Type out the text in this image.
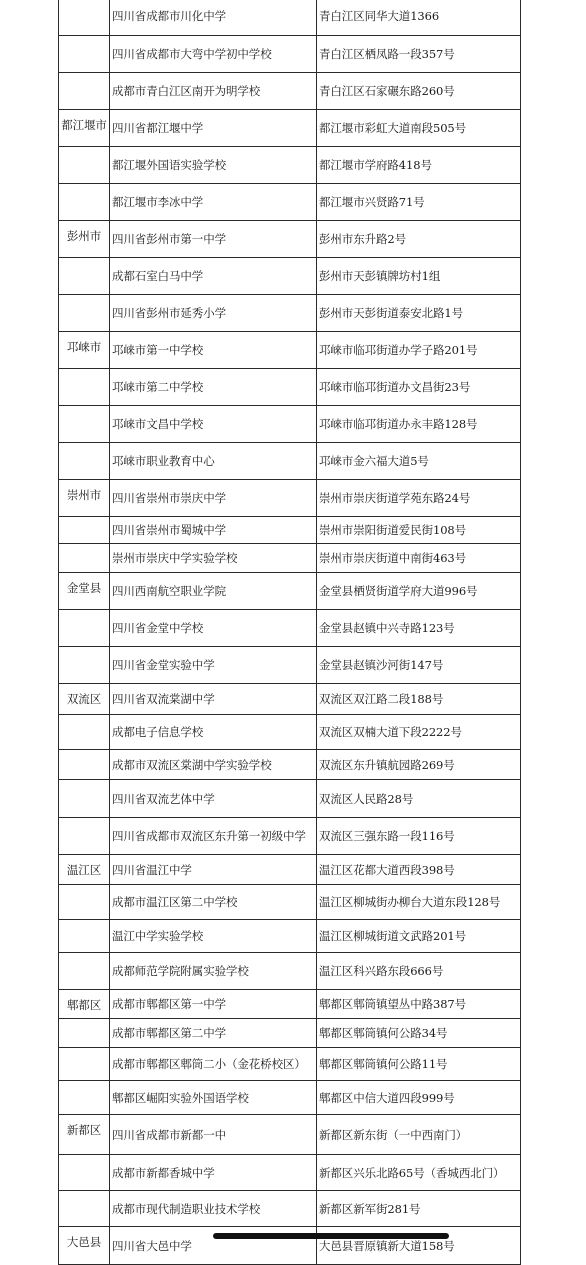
	四川省成都市川化中学	青白江区同华大道1366
	四川省成都市大弯中学初中学校	青白江区栖凤路一段357号
	成都市青白江区南开为明学校	青白江区石家碾东路260号
都江堰市	四川省都江堰中学	都江堰市彩虹大道南段505号
	都江堰外国语实验学校	都江堰市学府路418号
	都江堰市李冰中学	都江堰市兴贤路71号
彭州市	四川省彭州市第一中学	彭州市东升路2号
	成都石室白马中学	彭州市天彭镇牌坊村1组
	四川省彭州市延秀小学	彭州市天彭街道泰安北路1号
邛崃市	邛崃市第一中学校	邛崃市临邛街道办学子路201号
	邛崃市第二中学校	邛崃市临邛街道办文昌街23号
	邛崃市文昌中学校	邛崃市临邛街道办永丰路128号
	邛崃市职业教育中心	邛崃市金六福大道5号
崇州市	四川省崇州市崇庆中学	崇州市崇庆街道学苑东路24号
	四川省崇州市蜀城中学	崇州市崇阳街道爱民街108号
	崇州市崇庆中学实验学校	崇州市崇庆街道中南街463号
金堂县	四川西南航空职业学院	金堂县栖贤街道学府大道996号
	四川省金堂中学校	金堂县赵镇中兴寺路123号
	四川省金堂实验中学	金堂县赵镇沙河街147号
双流区	四川省双流棠湖中学	双流区双江路二段188号
	成都电子信息学校	双流区双楠大道下段2222号
	成都市双流区棠湖中学实验学校	双流区东升镇航园路269号
	四川省双流艺体中学	双流区人民路28号
	四川省成都市双流区东升第一初级中学	双流区三强东路一段116号
温江区	四川省温江中学	温江区花都大道西段398号
	成都市温江区第二中学校	温江区柳城街办柳台大道东段128号
	温江中学实验学校	温江区柳城街道文武路201号
	成都师范学院附属实验学校	温江区科兴路东段666号
郫都区	成都市郫都区第一中学	郫都区郫筒镇望丛中路387号
	成都市郫都区第二中学	郫都区郫筒镇何公路34号
	成都市郫都区郫筒二小（金花桥校区）	郫都区郫筒镇何公路11号
	郫都区崛阳实验外国语学校	郫都区中信大道四段999号
新都区	四川省成都市新都一中	新都区新东街（一中西南门）
	成都市新都香城中学	新都区兴乐北路65号（香城西北门）
	成都市现代制造职业技术学校	新都区新军街281号
大邑县	四川省大邑中学	大邑县晋原镇新大道158号
